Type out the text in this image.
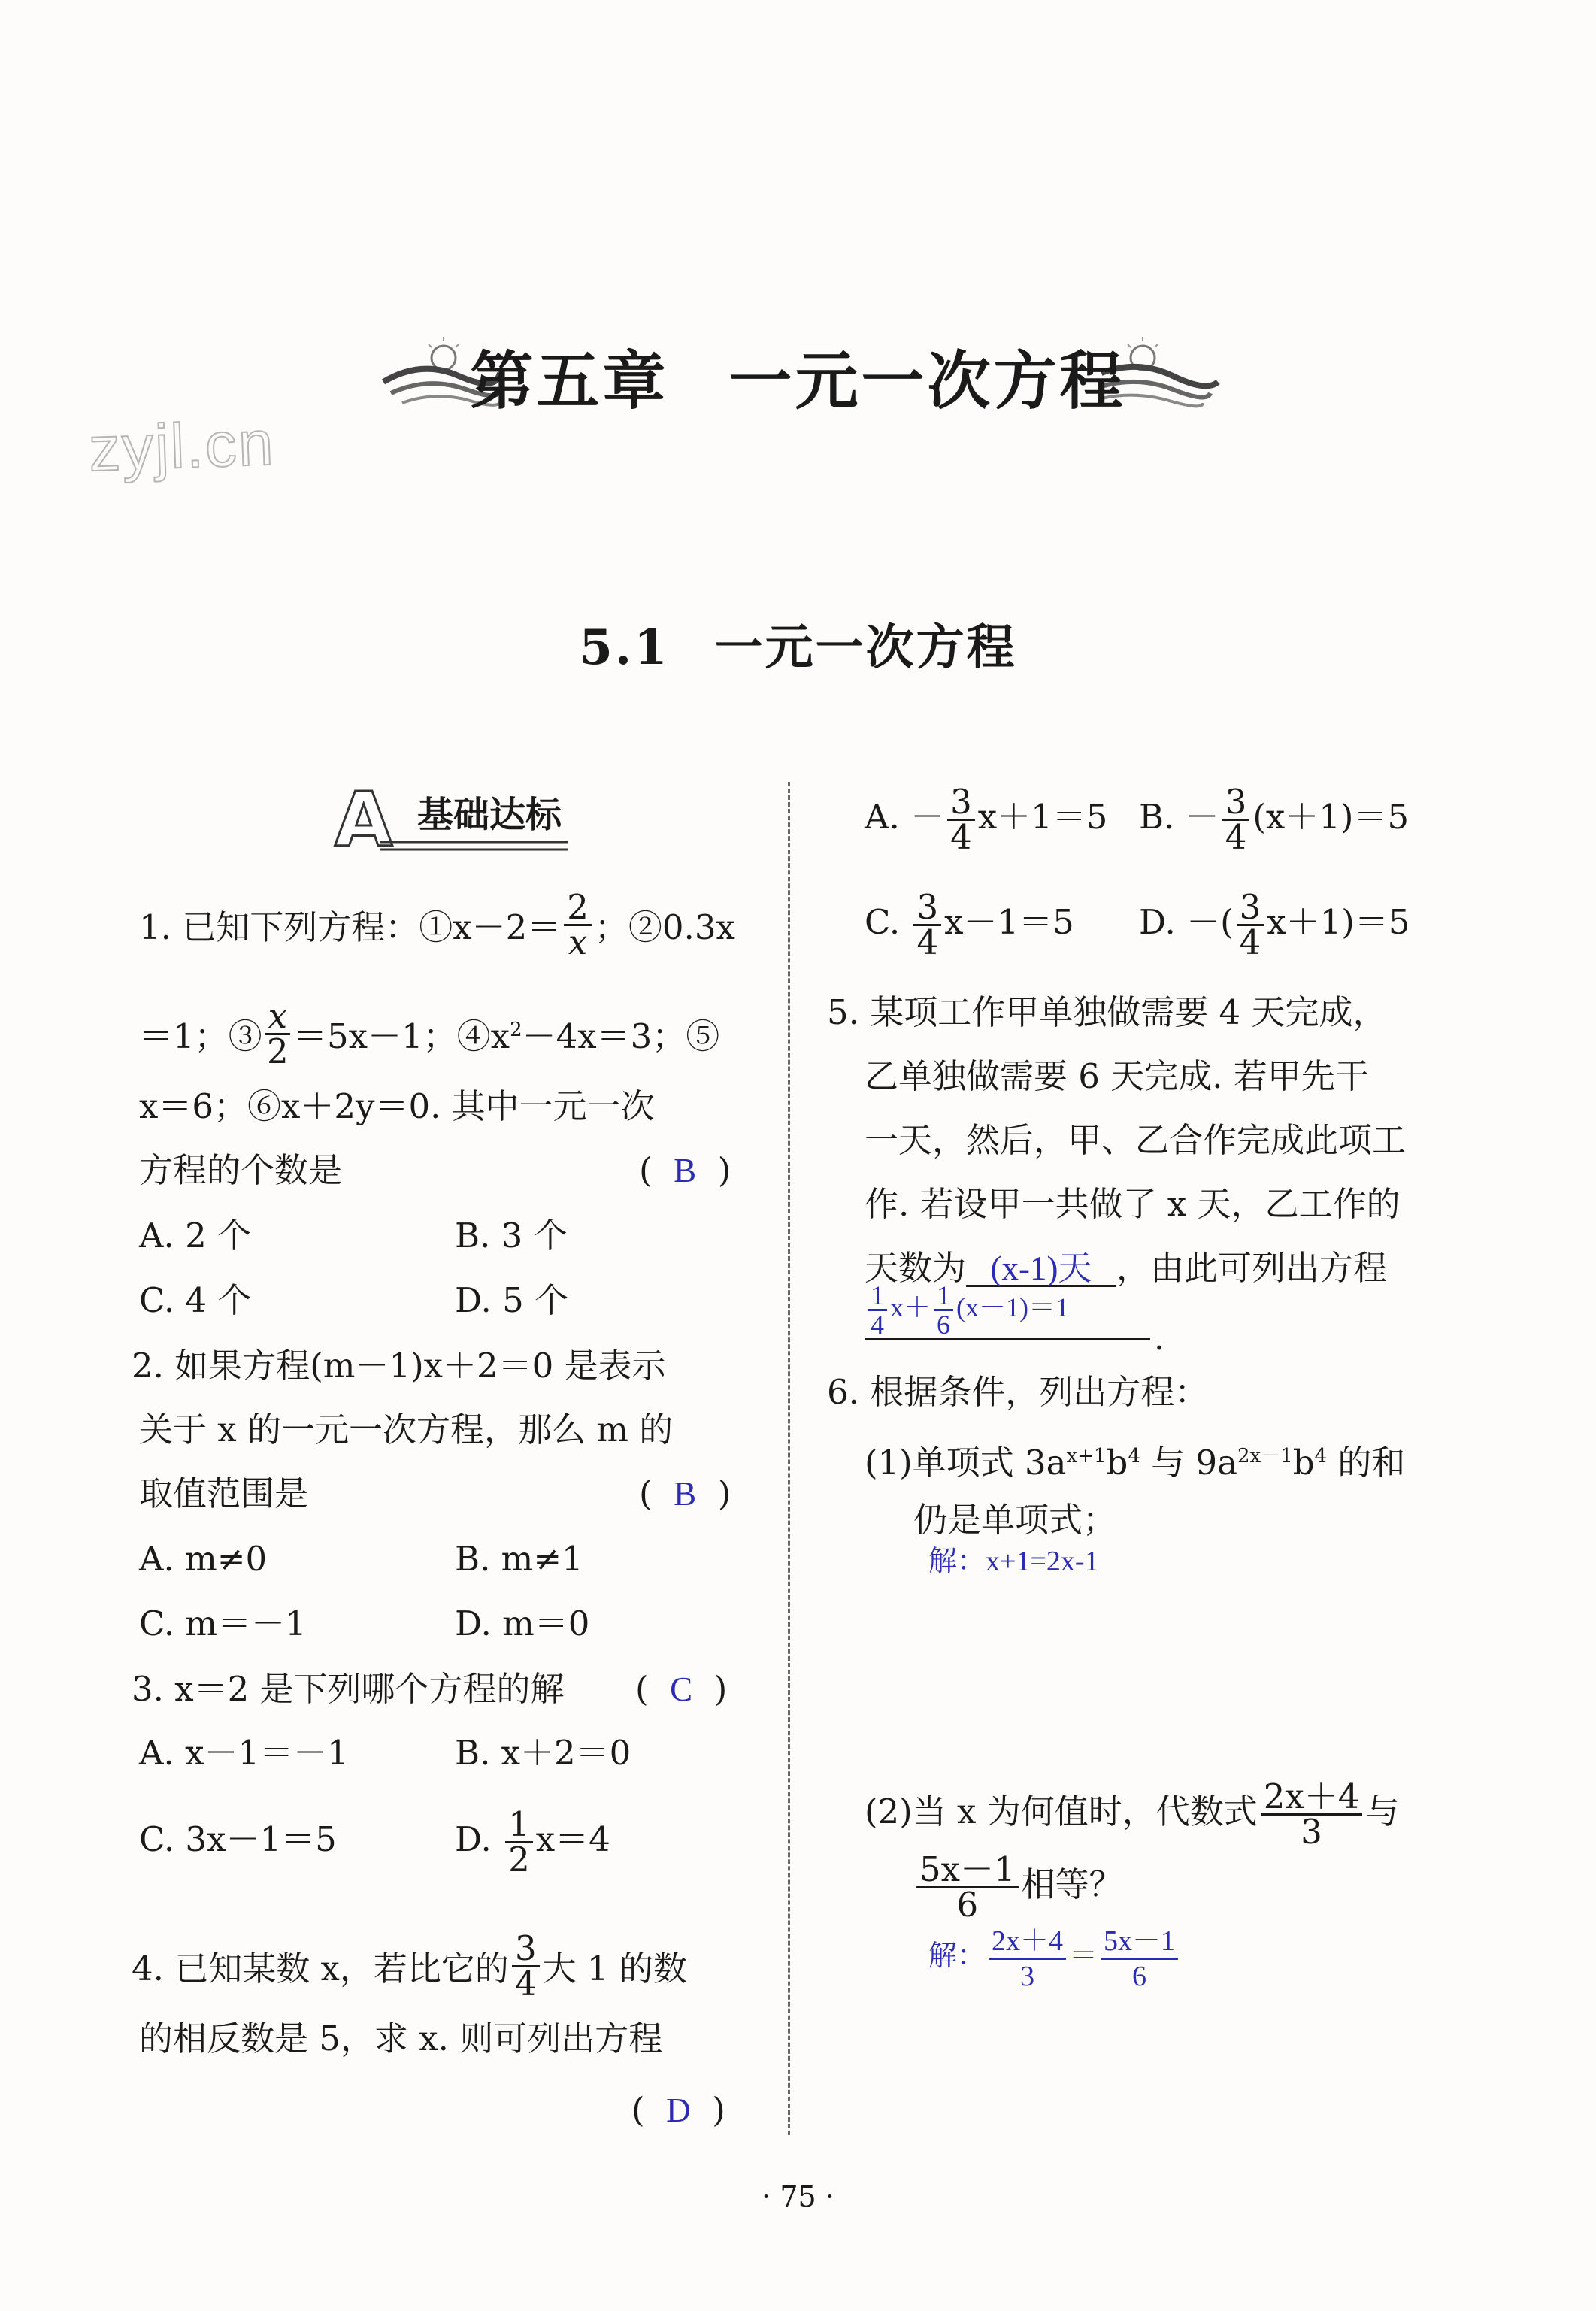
zyjl.cn
第五章 一元一次方程
5.1 一元一次方程
A 基础达标
1. 已知下列方程：①x－2＝ $\frac{2}{x}$ ；②0.3x
＝1；③ $\frac{x}{2} =5x-1$；$④x^2-4x=3$；⑤
x＝6；⑥x＋2y＝0. 其中一元一次
方程的个数是	(  B  )
A. 2 个	B. 3 个
C. 4 个	D. 5 个
2. 如果方程(m－1)x＋2＝0 是表示
关于 x 的一元一次方程，那么 m 的
取值范围是	(  B  )
A. m≠0	B. m≠1
C. m＝－1	D. m＝0
3. x＝2 是下列哪个方程的解 (  C  )
A. x－1＝－1	B. x＋2＝0
C. 3x－1＝5	D. $\frac{1}{2} x=4$
4. 已知某数 x，若比它的 $\frac{3}{4}$ 大 1 的数
的相反数是 5，求 x. 则可列出方程
(  D  )
A. － $\frac{3}{4} x+1=5$ B. － $\frac{3}{4} (x+1)=5$
C. $\frac{3}{4} x-1=5$ D. －( $\frac{3}{4} x+1)=5$
5. 某项工作甲单独做需要 4 天完成，
乙单独做需要 6 天完成. 若甲先干
一天，然后，甲、乙合作完成此项工
作. 若设甲一共做了 x 天，乙工作的
天数为 (x-1)天 ，由此可列出方程
$\frac{1}{4} x+ \frac{1}{6} (x-1)=1$
.
6. 根据条件，列出方程：
(1)单项式 $3a^{x+1}b^4$ 与 $9a^{2x-1}b^4$ 的和
仍是单项式；
解：x+1=2x-1
(2)当 x 为何值时，代数式 $\frac{2x+4}{3}$ 与
$\frac{5x-1}{6}$ 相等？
解： $\frac{2x+4}{3} = \frac{5x-1}{6}$
· 75 ·
